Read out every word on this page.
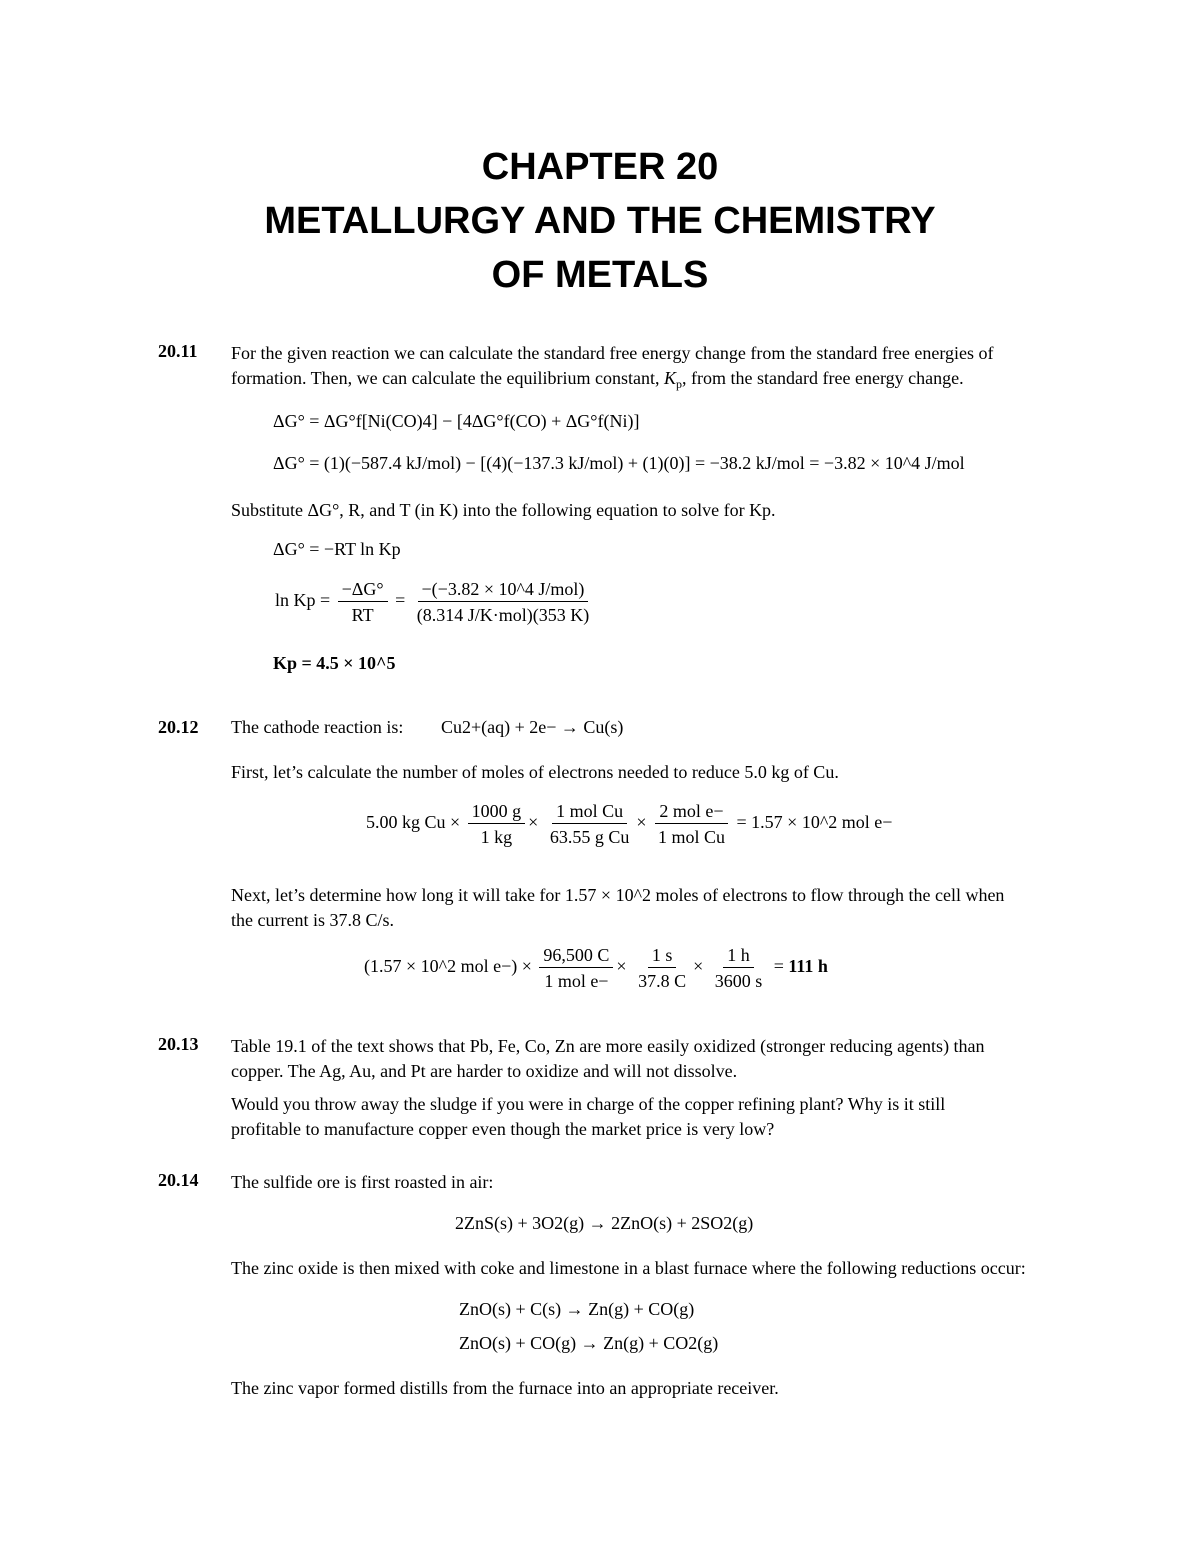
CHAPTER 20
METALLURGY AND THE CHEMISTRY
OF METALS
20.11 For the given reaction we can calculate the standard free energy change from the standard free energies of
formation. Then, we can calculate the equilibrium constant, $K_p$, from the standard free energy change.
ΔG° = ΔG°f[Ni(CO)4] − [4ΔG°f(CO) + ΔG°f(Ni)]
ΔG° = (1)(−587.4 kJ/mol) − [(4)(−137.3 kJ/mol) + (1)(0)] = −38.2 kJ/mol = −3.82 × 10^4 J/mol
Substitute ΔG°, R, and T (in K) into the following equation to solve for Kp.
ΔG° = −RT ln Kp
$\ln Kp = \frac{-\Delta G^\circ}{RT} = \frac{\text{−(−3.82 × 10\textasciicircum{}4 J/mol)}}{\text{(8.314 J/K·mol)(353 K)}}$
Kp = 4.5 × 10^5
20.12 The cathode reaction is: Cu2+(aq) + 2e− → Cu(s)
First, let’s calculate the number of moles of electrons needed to reduce 5.0 kg of Cu.
5.00 kg $Cu \times \frac{1000 g}{1 kg} \times \frac{\text{1 mol Cu}}{\text{63.55 g Cu}} \times \frac{\text{2 mol e−}}{\text{1 mol Cu}} = 1.57$ × 10^2 mol e−
Next, let’s determine how long it will take for 1.57 × 10^2 moles of electrons to flow through the cell when
the current is 37.8 C/s.
(1.57 × 10^2 mol $e-) \times \frac{96,500 C}{\text{1 mol e−}} \times \frac{1 s}{37.8 C} \times \frac{1 h}{3600 s} = 111$ h
20.13 Table 19.1 of the text shows that Pb, Fe, Co, Zn are more easily oxidized (stronger reducing agents) than
copper. The Ag, Au, and Pt are harder to oxidize and will not dissolve.
Would you throw away the sludge if you were in charge of the copper refining plant? Why is it still
profitable to manufacture copper even though the market price is very low?
20.14 The sulfide ore is first roasted in air:
2ZnS(s) + 3O2(g) → 2ZnO(s) + 2SO2(g)
The zinc oxide is then mixed with coke and limestone in a blast furnace where the following reductions occur:
ZnO(s) + C(s) → Zn(g) + CO(g)
ZnO(s) + CO(g) → Zn(g) + CO2(g)
The zinc vapor formed distills from the furnace into an appropriate receiver.
